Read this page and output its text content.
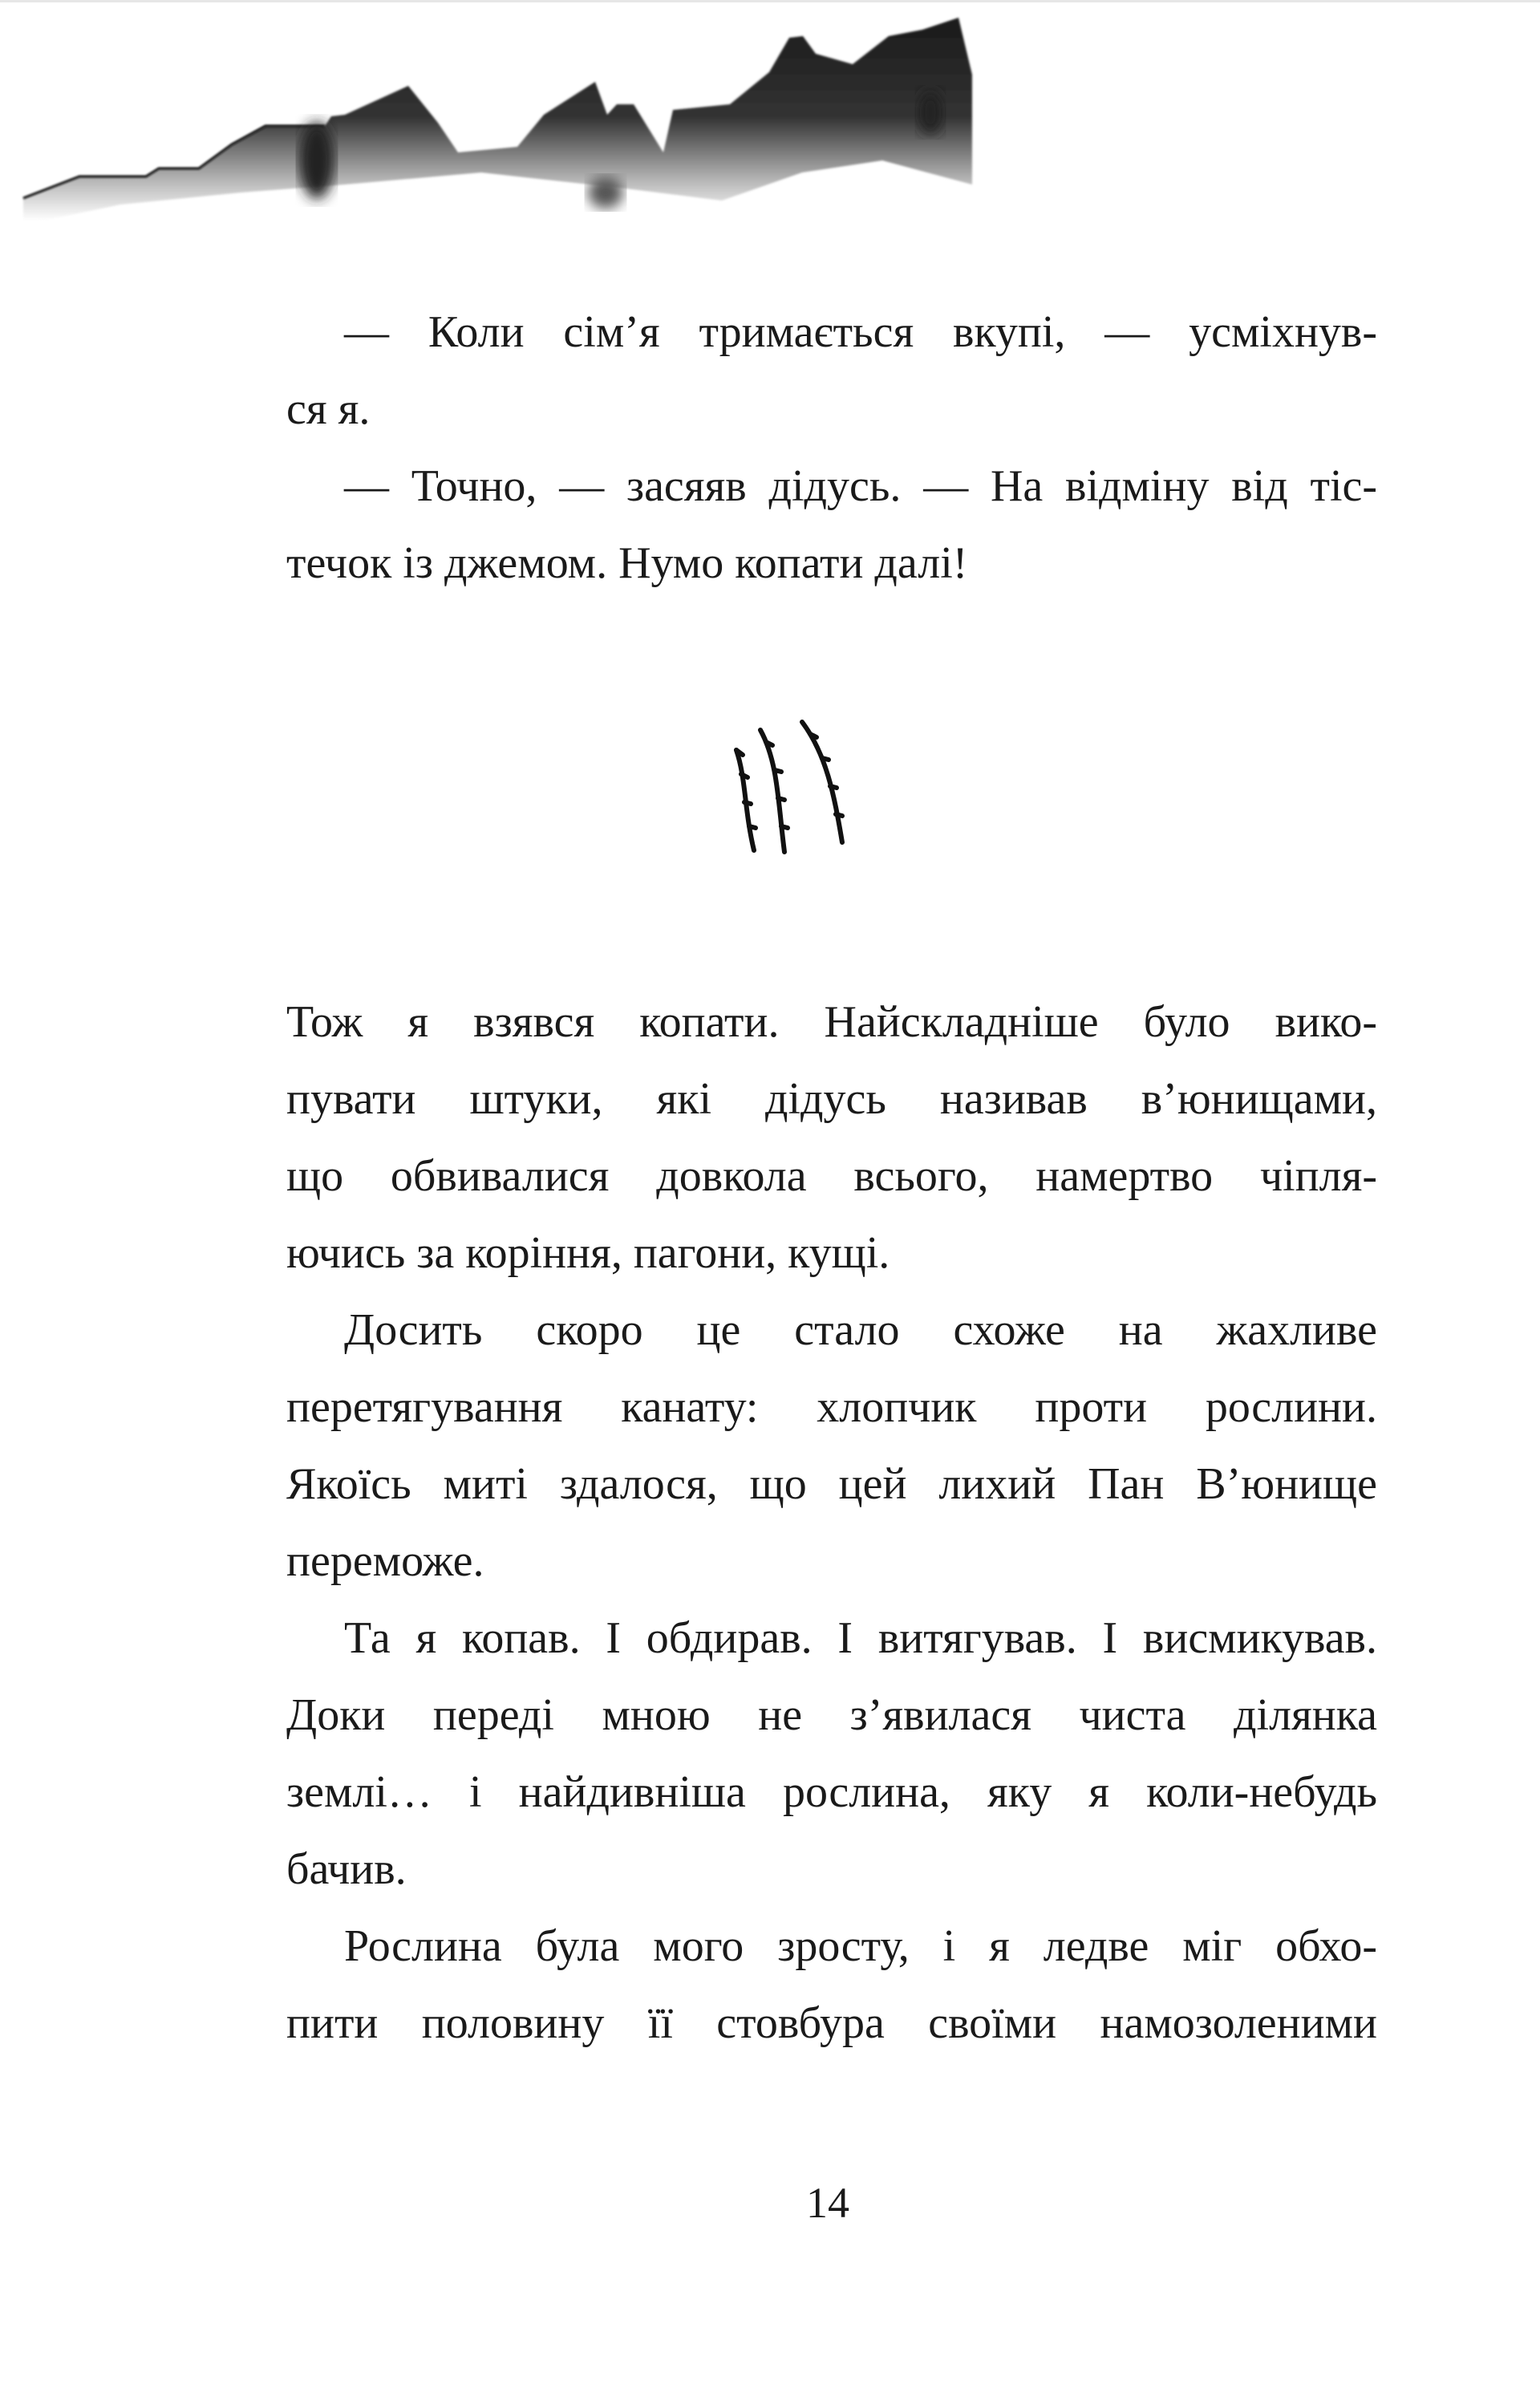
— Коли сім’я тримається вкупі, — усміхнув-
ся я.
— Точно, — засяяв дідусь. — На відміну від тіс-
течок із джемом. Нумо копати далі!
Тож я взявся копати. Найскладніше було вико-
пувати штуки, які дідусь називав в’юнищами,
що обвивалися довкола всього, намертво чіпля-
ючись за коріння, пагони, кущі.
Досить скоро це стало схоже на жахливе
перетягування канату: хлопчик проти рослини.
Якоїсь миті здалося, що цей лихий Пан В’юнище
переможе.
Та я копав. І обдирав. І витягував. І висмикував.
Доки переді мною не з’явилася чиста ділянка
землі… і найдивніша рослина, яку я коли-небудь
бачив.
Рослина була мого зросту, і я ледве міг обхо-
пити половину її стовбура своїми намозоленими
14
